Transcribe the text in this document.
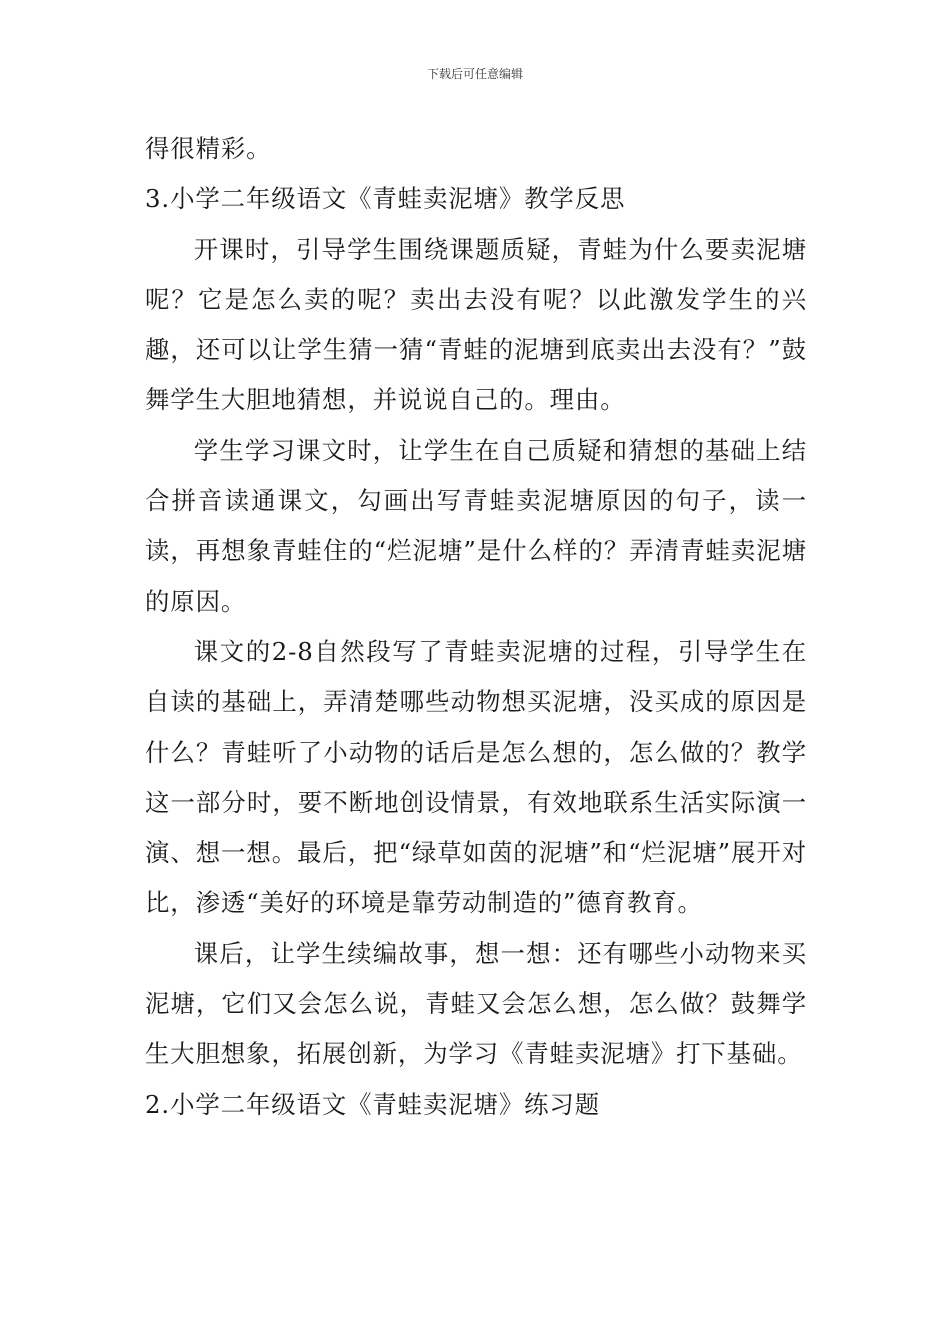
下载后可任意编辑

得很精彩。

3.小学二年级语文《青蛙卖泥塘》教学反思

开课时，引导学生围绕课题质疑，青蛙为什么要卖泥塘呢？它是怎么卖的呢？卖出去没有呢？以此激发学生的兴趣，还可以让学生猜一猜“青蛙的泥塘到底卖出去没有？”鼓舞学生大胆地猜想，并说说自己的。理由。

学生学习课文时，让学生在自己质疑和猜想的基础上结合拼音读通课文，勾画出写青蛙卖泥塘原因的句子，读一读，再想象青蛙住的“烂泥塘”是什么样的？弄清青蛙卖泥塘的原因。

课文的2-8自然段写了青蛙卖泥塘的过程，引导学生在自读的基础上，弄清楚哪些动物想买泥塘，没买成的原因是什么？青蛙听了小动物的话后是怎么想的，怎么做的？教学这一部分时，要不断地创设情景，有效地联系生活实际演一演、想一想。最后，把“绿草如茵的泥塘”和“烂泥塘”展开对比，渗透“美好的环境是靠劳动制造的”德育教育。

课后，让学生续编故事，想一想：还有哪些小动物来买泥塘，它们又会怎么说，青蛙又会怎么想，怎么做？鼓舞学生大胆想象，拓展创新，为学习《青蛙卖泥塘》打下基础。

2.小学二年级语文《青蛙卖泥塘》练习题
